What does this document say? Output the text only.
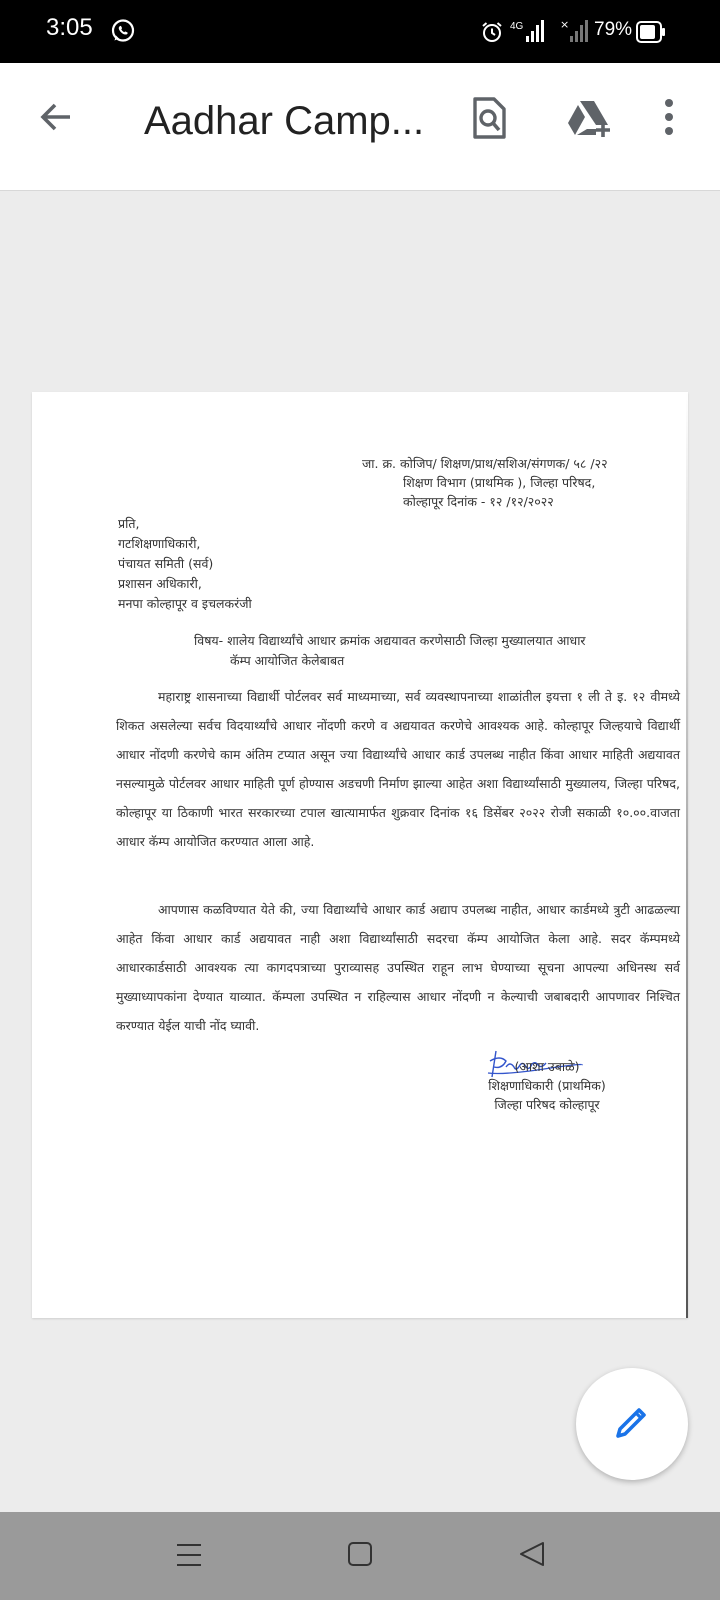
3:05	4G	× 79%
Aadhar Camp...
जा. क्र. कोजिप/ शिक्षण/प्राथ/सशिअ/संगणक/ ५८ /२२
शिक्षण विभाग (प्राथमिक ), जिल्हा परिषद,
कोल्हापूर दिनांक - १२ /१२/२०२२
प्रति,
गटशिक्षणाधिकारी,
पंचायत समिती (सर्व)
प्रशासन अधिकारी,
मनपा कोल्हापूर व इचलकरंजी
विषय- शालेय विद्यार्थ्यांचे आधार क्रमांक अद्ययावत करणेसाठी जिल्हा मुख्यालयात आधार
कॅम्प आयोजित केलेबाबत
महाराष्ट्र शासनाच्या विद्यार्थी पोर्टलवर सर्व माध्यमाच्या, सर्व व्यवस्थापनाच्या शाळांतील इयत्ता १ ली ते इ. १२ वीमध्ये शिकत असलेल्या सर्वच विदयार्थ्यांचे आधार नोंदणी करणे व अद्ययावत करणेचे आवश्यक आहे. कोल्हापूर जिल्हयाचे विद्यार्थी आधार नोंदणी करणेचे काम अंतिम टप्यात असून ज्या विद्यार्थ्यांचे आधार कार्ड उपलब्ध नाहीत किंवा आधार माहिती अद्ययावत नसल्यामुळे पोर्टलवर आधार माहिती पूर्ण होण्यास अडचणी निर्माण झाल्या आहेत अशा विद्यार्थ्यांसाठी मुख्यालय, जिल्हा परिषद, कोल्हापूर या ठिकाणी भारत सरकारच्या टपाल खात्यामार्फत शुक्रवार दिनांक १६ डिसेंबर २०२२ रोजी सकाळी १०.००.वाजता आधार कॅम्प आयोजित करण्यात आला आहे.
आपणास कळविण्यात येते की, ज्या विद्यार्थ्यांचे आधार कार्ड अद्याप उपलब्ध नाहीत, आधार कार्डमध्ये त्रुटी आढळल्या आहेत किंवा आधार कार्ड अद्ययावत नाही अशा विद्यार्थ्यांसाठी सदरचा कॅम्प आयोजित केला आहे. सदर कॅम्पमध्ये आधारकार्डसाठी आवश्यक त्या कागदपत्राच्या पुराव्यासह उपस्थित राहून लाभ घेण्याच्या सूचना आपल्या अधिनस्थ सर्व मुख्याध्यापकांना देण्यात याव्यात. कॅम्पला उपस्थित न राहिल्यास आधार नोंदणी न केल्याची जबाबदारी आपणावर निश्चित करण्यात येईल याची नोंद घ्यावी.
(आशा उबाळे)
शिक्षणाधिकारी (प्राथमिक)
जिल्हा परिषद कोल्हापूर
